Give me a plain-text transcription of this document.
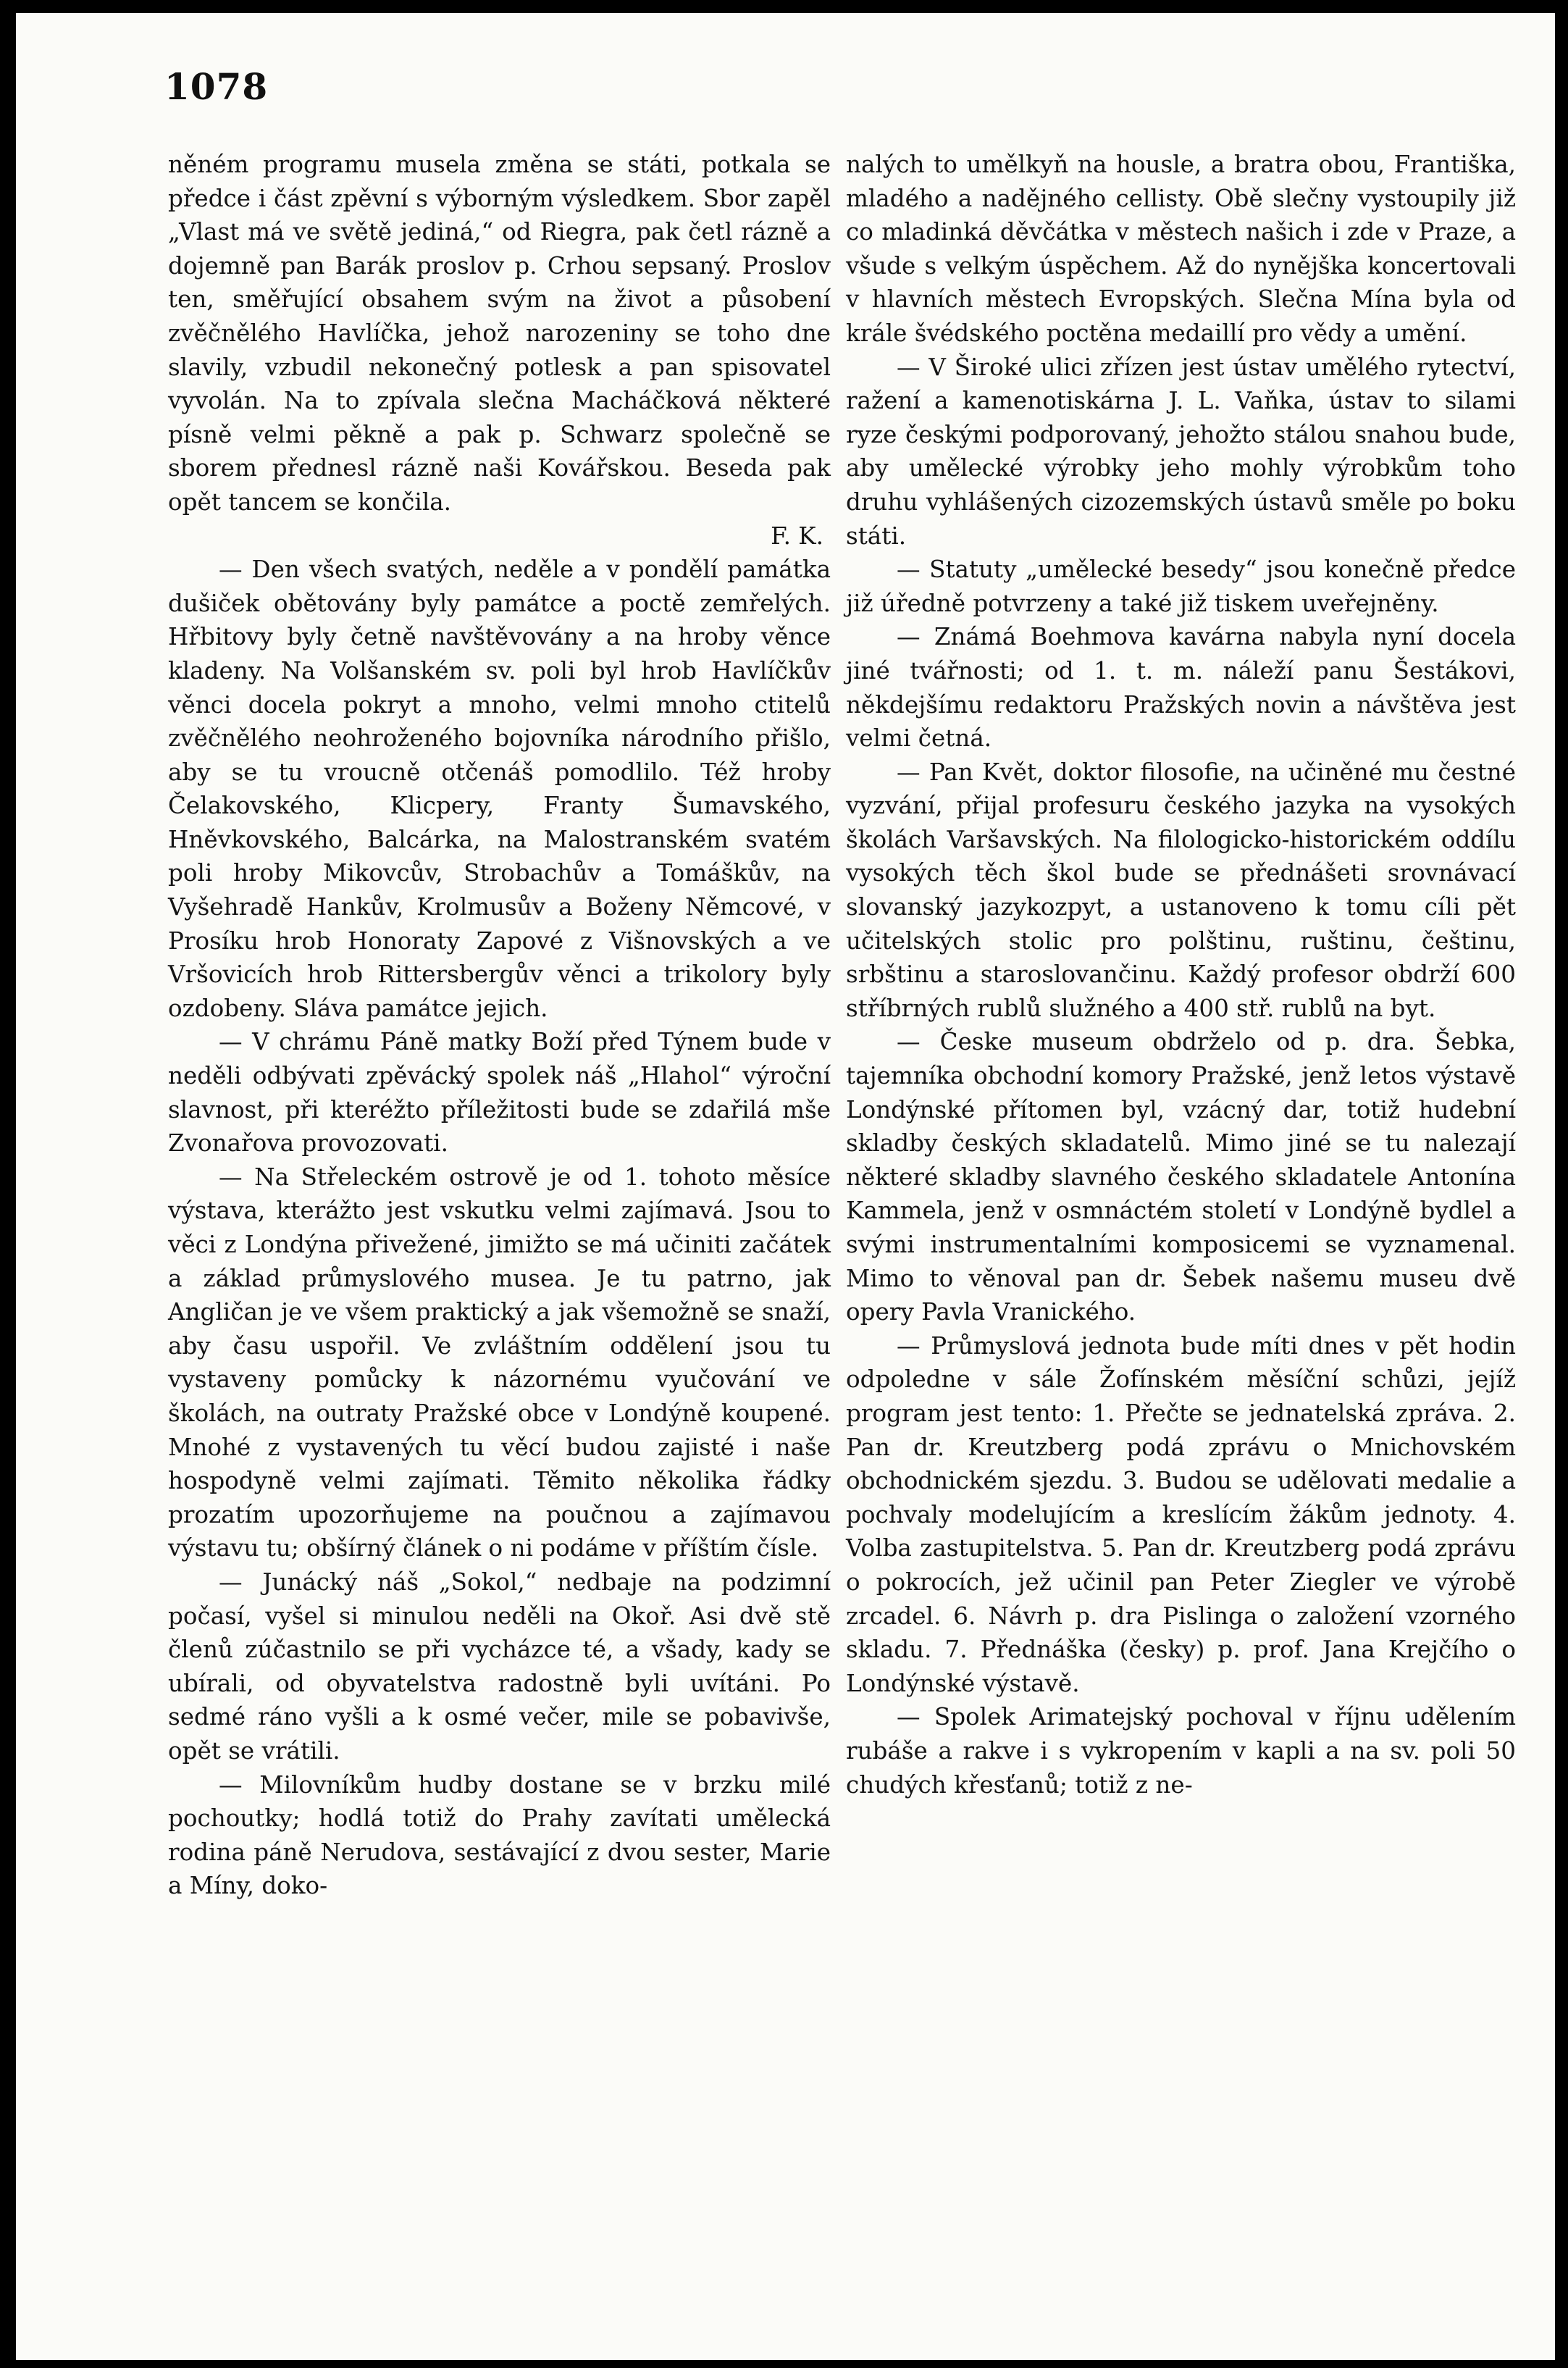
1078

něném programu musela změna se státi, potkala se předce i část zpěvní s výborným výsledkem. Sbor zapěl „Vlast má ve světě jediná,“ od Riegra, pak četl rázně a dojemně pan Barák proslov p. Crhou sepsaný. Proslov ten, směřující obsahem svým na život a působení zvěčnělého Havlíčka, jehož narozeniny se toho dne slavily, vzbudil nekonečný potlesk a pan spisovatel vyvolán. Na to zpívala slečna Macháčková některé písně velmi pěkně a pak p. Schwarz společně se sborem přednesl rázně naši Kovářskou. Beseda pak opět tancem se končila.
F. K.

— Den všech svatých, neděle a v pondělí památka dušiček obětovány byly památce a poctě zemřelých. Hřbitovy byly četně navštěvovány a na hroby věnce kladeny. Na Volšanském sv. poli byl hrob Havlíčkův věnci docela pokryt a mnoho, velmi mnoho ctitelů zvěčnělého neohroženého bojovníka národního přišlo, aby se tu vroucně otčenáš pomodlilo. Též hroby Čelakovského, Klicpery, Franty Šumavského, Hněvkovského, Balcárka, na Malostranském svatém poli hroby Mikovcův, Strobachův a Tomáškův, na Vyšehradě Hankův, Krolmusův a Boženy Němcové, v Prosíku hrob Honoraty Zapové z Višnovských a ve Vršovicích hrob Rittersbergův věnci a trikolory byly ozdobeny. Sláva památce jejich.

— V chrámu Páně matky Boží před Týnem bude v neděli odbývati zpěvácký spolek náš „Hlahol“ výroční slavnost, při kteréžto příležitosti bude se zdařilá mše Zvonařova provozovati.

— Na Střeleckém ostrově je od 1. tohoto měsíce výstava, kterážto jest vskutku velmi zajímavá. Jsou to věci z Londýna přivežené, jimižto se má učiniti začátek a základ průmyslového musea. Je tu patrno, jak Angličan je ve všem praktický a jak všemožně se snaží, aby času uspořil. Ve zvláštním oddělení jsou tu vystaveny pomůcky k názornému vyučování ve školách, na outraty Pražské obce v Londýně koupené. Mnohé z vystavených tu věcí budou zajisté i naše hospodyně velmi zajímati. Těmito několika řádky prozatím upozorňujeme na poučnou a zajímavou výstavu tu; obšírný článek o ni podáme v příštím čísle.

— Junácký náš „Sokol,“ nedbaje na podzimní počasí, vyšel si minulou neděli na Okoř. Asi dvě stě členů zúčastnilo se při vycházce té, a všady, kady se ubírali, od obyvatelstva radostně byli uvítáni. Po sedmé ráno vyšli a k osmé večer, mile se pobavivše, opět se vrátili.

— Milovníkům hudby dostane se v brzku milé pochoutky; hodlá totiž do Prahy zavítati umělecká rodina páně Nerudova, sestávající z dvou sester, Marie a Míny, doko-

nalých to umělkyň na housle, a bratra obou, Františka, mladého a nadějného cellisty. Obě slečny vystoupily již co mladinká děvčátka v městech našich i zde v Praze, a všude s velkým úspěchem. Až do nynějška koncertovali v hlavních městech Evropských. Slečna Mína byla od krále švédského poctěna medaillí pro vědy a umění.

— V Široké ulici zřízen jest ústav umělého rytectví, ražení a kamenotiskárna J. L. Vaňka, ústav to silami ryze českými podporovaný, jehožto stálou snahou bude, aby umělecké výrobky jeho mohly výrobkům toho druhu vyhlášených cizozemských ústavů směle po boku státi.

— Statuty „umělecké besedy“ jsou konečně předce již úředně potvrzeny a také již tiskem uveřejněny.

— Známá Boehmova kavárna nabyla nyní docela jiné tvářnosti; od 1. t. m. náleží panu Šestákovi, někdejšímu redaktoru Pražských novin a návštěva jest velmi četná.

— Pan Květ, doktor filosofie, na učiněné mu čestné vyzvání, přijal profesuru českého jazyka na vysokých školách Varšavských. Na filologicko-historickém oddílu vysokých těch škol bude se přednášeti srovnávací slovanský jazykozpyt, a ustanoveno k tomu cíli pět učitelských stolic pro polštinu, ruštinu, češtinu, srbštinu a staroslovančinu. Každý profesor obdrží 600 stříbrných rublů služného a 400 stř. rublů na byt.

— Česke museum obdrželo od p. dra. Šebka, tajemníka obchodní komory Pražské, jenž letos výstavě Londýnské přítomen byl, vzácný dar, totiž hudební skladby českých skladatelů. Mimo jiné se tu nalezají některé skladby slavného českého skladatele Antonína Kammela, jenž v osmnáctém století v Londýně bydlel a svými instrumentalními komposicemi se vyznamenal. Mimo to věnoval pan dr. Šebek našemu museu dvě opery Pavla Vranického.

— Průmyslová jednota bude míti dnes v pět hodin odpoledne v sále Žofínském měsíční schůzi, jejíž program jest tento: 1. Přečte se jednatelská zpráva. 2. Pan dr. Kreutzberg podá zprávu o Mnichovském obchodnickém sjezdu. 3. Budou se udělovati medalie a pochvaly modelujícím a kreslícím žákům jednoty. 4. Volba zastupitelstva. 5. Pan dr. Kreutzberg podá zprávu o pokrocích, jež učinil pan Peter Ziegler ve výrobě zrcadel. 6. Návrh p. dra Pislinga o založení vzorného skladu. 7. Přednáška (česky) p. prof. Jana Krejčího o Londýnské výstavě.

— Spolek Arimatejský pochoval v říjnu udělením rubáše a rakve i s vykropením v kapli a na sv. poli 50 chudých křesťanů; totiž z ne-
